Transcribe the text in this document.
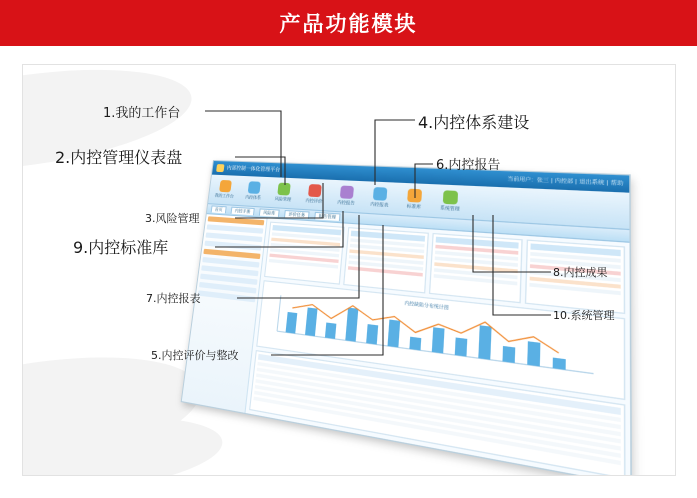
产品功能模块
内部控制一体化管理平台
当前用户：张三 | 内控部 | 退出系统 | 帮助
我的工作台	内控体系	风险管理	内控评价	内控报告	内控报表	标准库	系统管理
首页	内控手册	风险库	评价任务	报告管理
内控缺陷分布统计图
1.我的工作台
2.内控管理仪表盘
3.风险管理
4.内控体系建设
6.内控报告
9.内控标准库
7.内控报表
5.内控评价与整改
8.内控成果
10.系统管理
